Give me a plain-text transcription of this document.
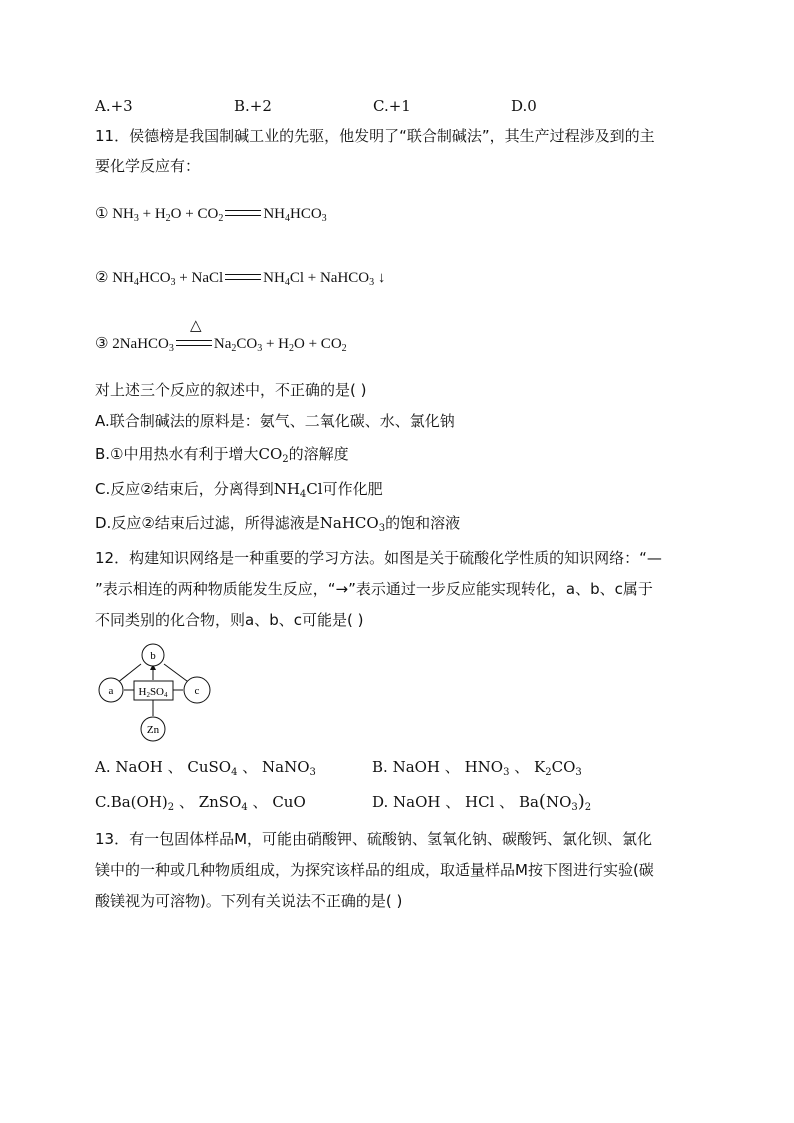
A.+3	B.+2	C.+1	D.0
11．侯德榜是我国制碱工业的先驱，他发明了“联合制碱法”，其生产过程涉及到的主
要化学反应有：
① $NH_3 + H_2O + CO_2$	$NH_4HCO_3$
② $NH_4HCO_3$ + NaCl	$NH_4Cl$ + NaHCO$_3$ ↓
△
③ 2NaHCO$_3$	$Na_2CO_3 + H_2O + CO_2$
对上述三个反应的叙述中，不正确的是( )
A.联合制碱法的原料是：氨气、二氧化碳、水、氯化钠
B.①中用热水有利于增大$CO_2$的溶解度
C.反应②结束后，分离得到$NH_4Cl$可作化肥
D.反应②结束后过滤，所得滤液是NaHCO$_3$的饱和溶液
12．构建知识网络是一种重要的学习方法。如图是关于硫酸化学性质的知识网络：“—
”表示相连的两种物质能发生反应，“→”表示通过一步反应能实现转化，a、b、c属于
不同类别的化合物，则a、b、c可能是( )
b
a	c
Zn
H2SO4
A. NaOH 、 CuSO$_4$ 、 NaNO$_3$	B. NaOH 、 $HNO_3$ 、 $K_2CO_3$
$C.Ba(OH)_2$ 、 ZnSO$_4$ 、 CuO	D. NaOH 、 HCl 、 $Ba(NO_3)_2$
13．有一包固体样品M，可能由硝酸钾、硫酸钠、氢氧化钠、碳酸钙、氯化钡、氯化
镁中的一种或几种物质组成，为探究该样品的组成，取适量样品M按下图进行实验(碳
酸镁视为可溶物)。下列有关说法不正确的是( )
